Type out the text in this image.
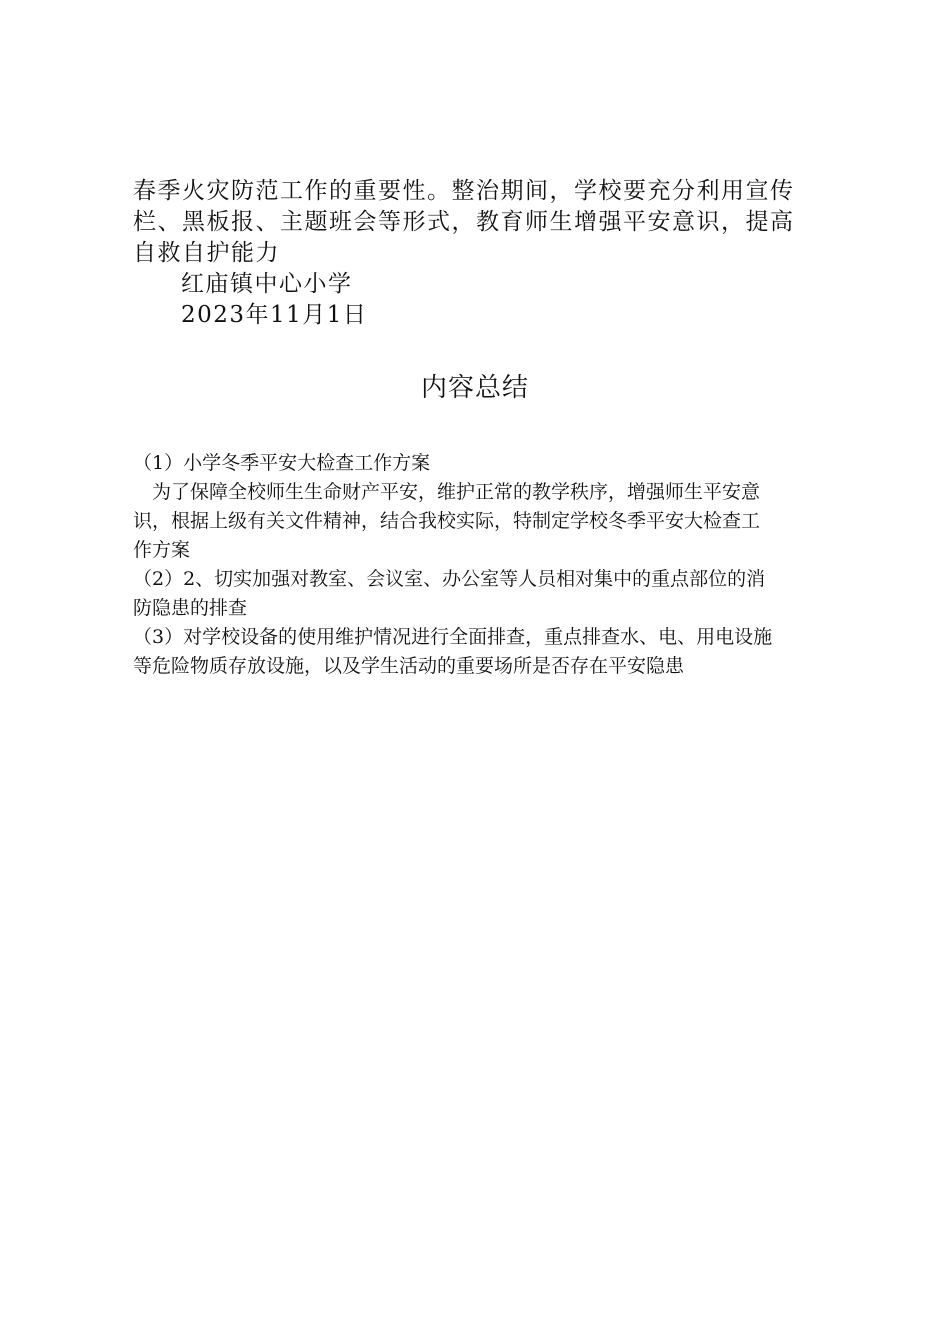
春季火灾防范工作的重要性。整治期间，学校要充分利用宣传
栏、黑板报、主题班会等形式，教育师生增强平安意识，提高
自救自护能力
红庙镇中心小学
2023年11月1日
内容总结
（1）小学冬季平安大检查工作方案
　为了保障全校师生生命财产平安，维护正常的教学秩序，增强师生平安意
识，根据上级有关文件精神，结合我校实际，特制定学校冬季平安大检查工
作方案
（2）2、切实加强对教室、会议室、办公室等人员相对集中的重点部位的消
防隐患的排查
（3）对学校设备的使用维护情况进行全面排查，重点排查水、电、用电设施
等危险物质存放设施，以及学生活动的重要场所是否存在平安隐患
